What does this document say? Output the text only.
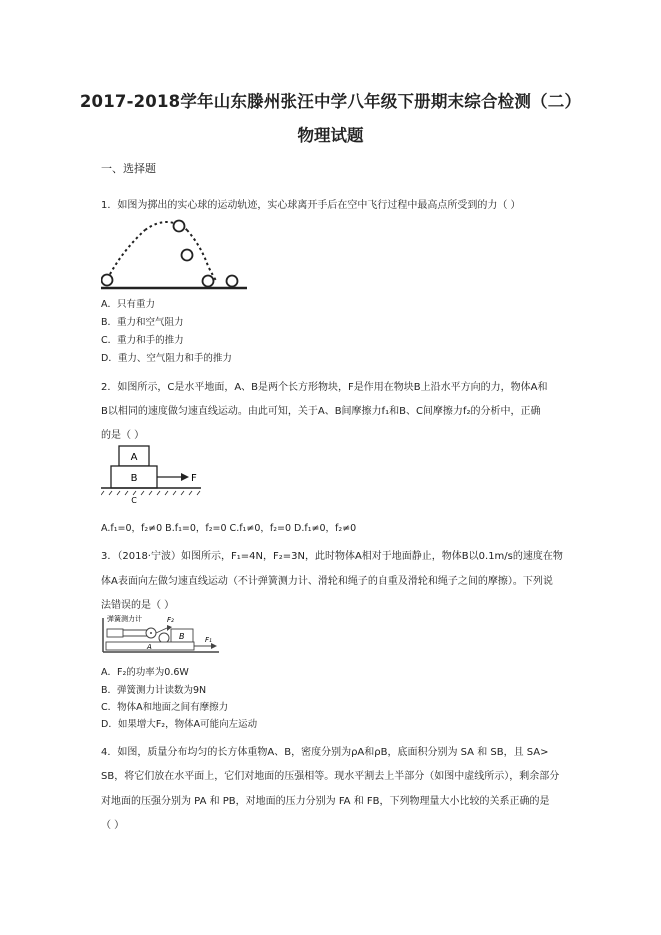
2017-2018学年山东滕州张汪中学八年级下册期末综合检测（二）
物理试题
一、选择题
1．如图为掷出的实心球的运动轨迹，实心球离开手后在空中飞行过程中最高点所受到的力（ ）
A．只有重力
B．重力和空气阻力
C．重力和手的推力
D．重力、空气阻力和手的推力
2．如图所示，C是水平地面，A、B是两个长方形物块，F是作用在物块B上沿水平方向的力，物体A和
B以相同的速度做匀速直线运动。由此可知，关于A、B间摩擦力f₁和B、C间摩擦力f₂的分析中，正确
的是（ ）
A
B	F
C
A.f₁=0，f₂≠0 B.f₁=0，f₂=0 C.f₁≠0，f₂=0 D.f₁≠0，f₂≠0
3．（2018·宁波）如图所示，F₁=4N，F₂=3N，此时物体A相对于地面静止，物体B以0.1m/s的速度在物
体A表面向左做匀速直线运动（不计弹簧测力计、滑轮和绳子的自重及滑轮和绳子之间的摩擦）。下列说
法错误的是（ ）
弹簧测力计	F₂
B
A
F₁
A．F₂的功率为0.6W
B．弹簧测力计读数为9N
C．物体A和地面之间有摩擦力
D．如果增大F₂，物体A可能向左运动
4．如图，质量分布均匀的长方体重物A、B，密度分别为ρA和ρB，底面积分别为 SA 和 SB，且 SA>
SB，将它们放在水平面上，它们对地面的压强相等。现水平割去上半部分（如图中虚线所示），剩余部分
对地面的压强分别为 PA 和 PB，对地面的压力分别为 FA 和 FB，下列物理量大小比较的关系正确的是
（ ）
